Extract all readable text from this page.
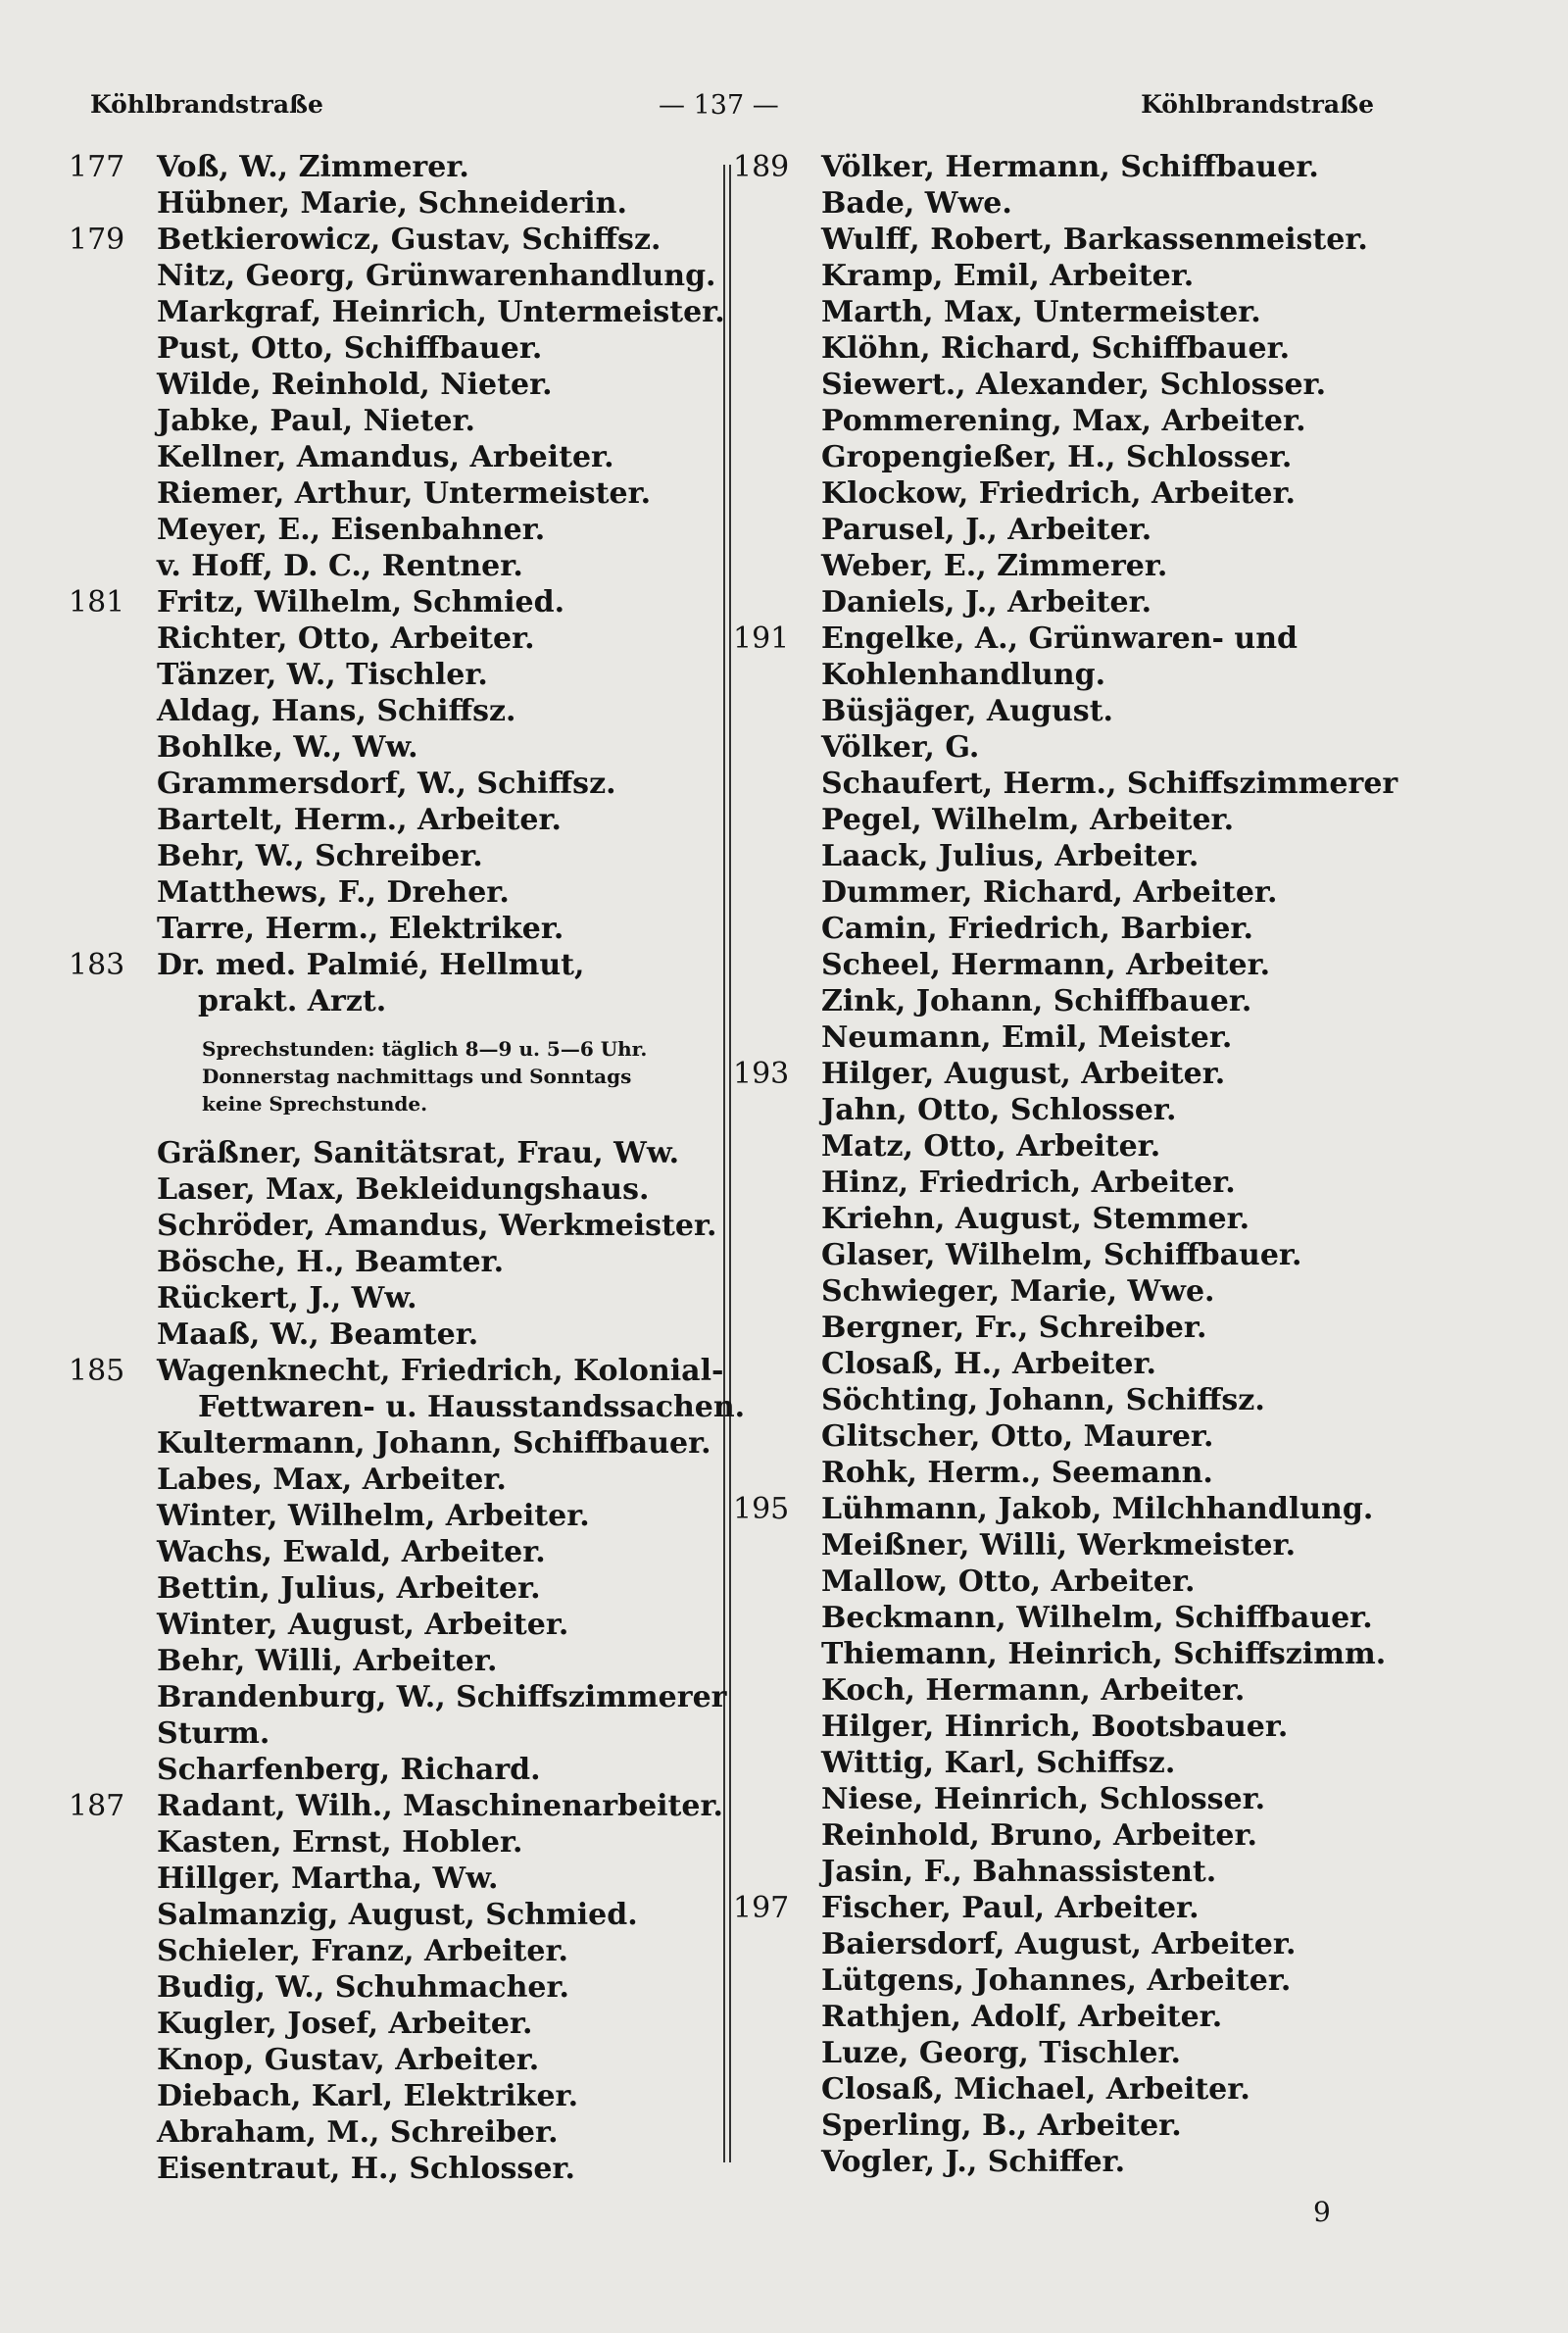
Köhlbrandstraße	— 137 —	Köhlbrandstraße
177	Voß, W., Zimmerer.
Hübner, Marie, Schneiderin.
179	Betkierowicz, Gustav, Schiffsz.
Nitz, Georg, Grünwarenhandlung.
Markgraf, Heinrich, Untermeister.
Pust, Otto, Schiffbauer.
Wilde, Reinhold, Nieter.
Jabke, Paul, Nieter.
Kellner, Amandus, Arbeiter.
Riemer, Arthur, Untermeister.
Meyer, E., Eisenbahner.
v. Hoff, D. C., Rentner.
181	Fritz, Wilhelm, Schmied.
Richter, Otto, Arbeiter.
Tänzer, W., Tischler.
Aldag, Hans, Schiffsz.
Bohlke, W., Ww.
Grammersdorf, W., Schiffsz.
Bartelt, Herm., Arbeiter.
Behr, W., Schreiber.
Matthews, F., Dreher.
Tarre, Herm., Elektriker.
183	Dr. med. Palmié, Hellmut,
prakt. Arzt.
Sprechstunden: täglich 8—9 u. 5—6 Uhr.
Donnerstag nachmittags und Sonntags
keine Sprechstunde.
Gräßner, Sanitätsrat, Frau, Ww.
Laser, Max, Bekleidungshaus.
Schröder, Amandus, Werkmeister.
Bösche, H., Beamter.
Rückert, J., Ww.
Maaß, W., Beamter.
185	Wagenknecht, Friedrich, Kolonial-
Fettwaren- u. Hausstandssachen.
Kultermann, Johann, Schiffbauer.
Labes, Max, Arbeiter.
Winter, Wilhelm, Arbeiter.
Wachs, Ewald, Arbeiter.
Bettin, Julius, Arbeiter.
Winter, August, Arbeiter.
Behr, Willi, Arbeiter.
Brandenburg, W., Schiffszimmerer
Sturm.
Scharfenberg, Richard.
187	Radant, Wilh., Maschinenarbeiter.
Kasten, Ernst, Hobler.
Hillger, Martha, Ww.
Salmanzig, August, Schmied.
Schieler, Franz, Arbeiter.
Budig, W., Schuhmacher.
Kugler, Josef, Arbeiter.
Knop, Gustav, Arbeiter.
Diebach, Karl, Elektriker.
Abraham, M., Schreiber.
Eisentraut, H., Schlosser.
189	Völker, Hermann, Schiffbauer.
Bade, Wwe.
Wulff, Robert, Barkassenmeister.
Kramp, Emil, Arbeiter.
Marth, Max, Untermeister.
Klöhn, Richard, Schiffbauer.
Siewert., Alexander, Schlosser.
Pommerening, Max, Arbeiter.
Gropengießer, H., Schlosser.
Klockow, Friedrich, Arbeiter.
Parusel, J., Arbeiter.
Weber, E., Zimmerer.
Daniels, J., Arbeiter.
191	Engelke, A., Grünwaren- und
Kohlenhandlung.
Büsjäger, August.
Völker, G.
Schaufert, Herm., Schiffszimmerer
Pegel, Wilhelm, Arbeiter.
Laack, Julius, Arbeiter.
Dummer, Richard, Arbeiter.
Camin, Friedrich, Barbier.
Scheel, Hermann, Arbeiter.
Zink, Johann, Schiffbauer.
Neumann, Emil, Meister.
193	Hilger, August, Arbeiter.
Jahn, Otto, Schlosser.
Matz, Otto, Arbeiter.
Hinz, Friedrich, Arbeiter.
Kriehn, August, Stemmer.
Glaser, Wilhelm, Schiffbauer.
Schwieger, Marie, Wwe.
Bergner, Fr., Schreiber.
Closaß, H., Arbeiter.
Söchting, Johann, Schiffsz.
Glitscher, Otto, Maurer.
Rohk, Herm., Seemann.
195	Lühmann, Jakob, Milchhandlung.
Meißner, Willi, Werkmeister.
Mallow, Otto, Arbeiter.
Beckmann, Wilhelm, Schiffbauer.
Thiemann, Heinrich, Schiffszimm.
Koch, Hermann, Arbeiter.
Hilger, Hinrich, Bootsbauer.
Wittig, Karl, Schiffsz.
Niese, Heinrich, Schlosser.
Reinhold, Bruno, Arbeiter.
Jasin, F., Bahnassistent.
197	Fischer, Paul, Arbeiter.
Baiersdorf, August, Arbeiter.
Lütgens, Johannes, Arbeiter.
Rathjen, Adolf, Arbeiter.
Luze, Georg, Tischler.
Closaß, Michael, Arbeiter.
Sperling, B., Arbeiter.
Vogler, J., Schiffer.
9
